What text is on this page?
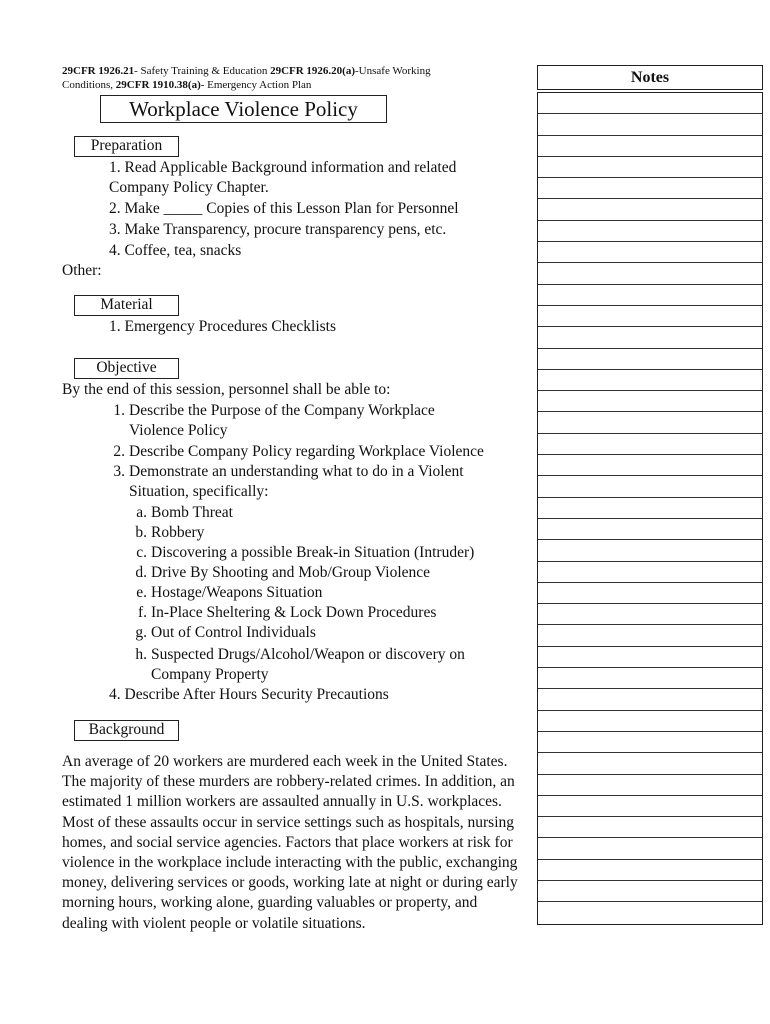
29CFR 1926.21- Safety Training & Education 29CFR 1926.20(a)-Unsafe Working
Conditions, 29CFR 1910.38(a)- Emergency Action Plan
Workplace Violence Policy
Preparation
1. Read Applicable Background information and related
Company Policy Chapter.
2. Make _____ Copies of this Lesson Plan for Personnel
3. Make Transparency, procure transparency pens, etc.
4. Coffee, tea, snacks
Other:
Material
1. Emergency Procedures Checklists
Objective
By the end of this session, personnel shall be able to:
1. Describe the Purpose of the Company Workplace
Violence Policy
2. Describe Company Policy regarding Workplace Violence
3. Demonstrate an understanding what to do in a Violent
Situation, specifically:
a. Bomb Threat
b. Robbery
c. Discovering a possible Break-in Situation (Intruder)
d. Drive By Shooting and Mob/Group Violence
e. Hostage/Weapons Situation
f. In-Place Sheltering & Lock Down Procedures
g. Out of Control Individuals
h. Suspected Drugs/Alcohol/Weapon or discovery on
Company Property
4. Describe After Hours Security Precautions
Background
An average of 20 workers are murdered each week in the United States. The majority of these murders are robbery-related crimes. In addition, an estimated 1 million workers are assaulted annually in U.S. workplaces. Most of these assaults occur in service settings such as hospitals, nursing homes, and social service agencies. Factors that place workers at risk for violence in the workplace include interacting with the public, exchanging money, delivering services or goods, working late at night or during early morning hours, working alone, guarding valuables or property, and dealing with violent people or volatile situations.
Notes
